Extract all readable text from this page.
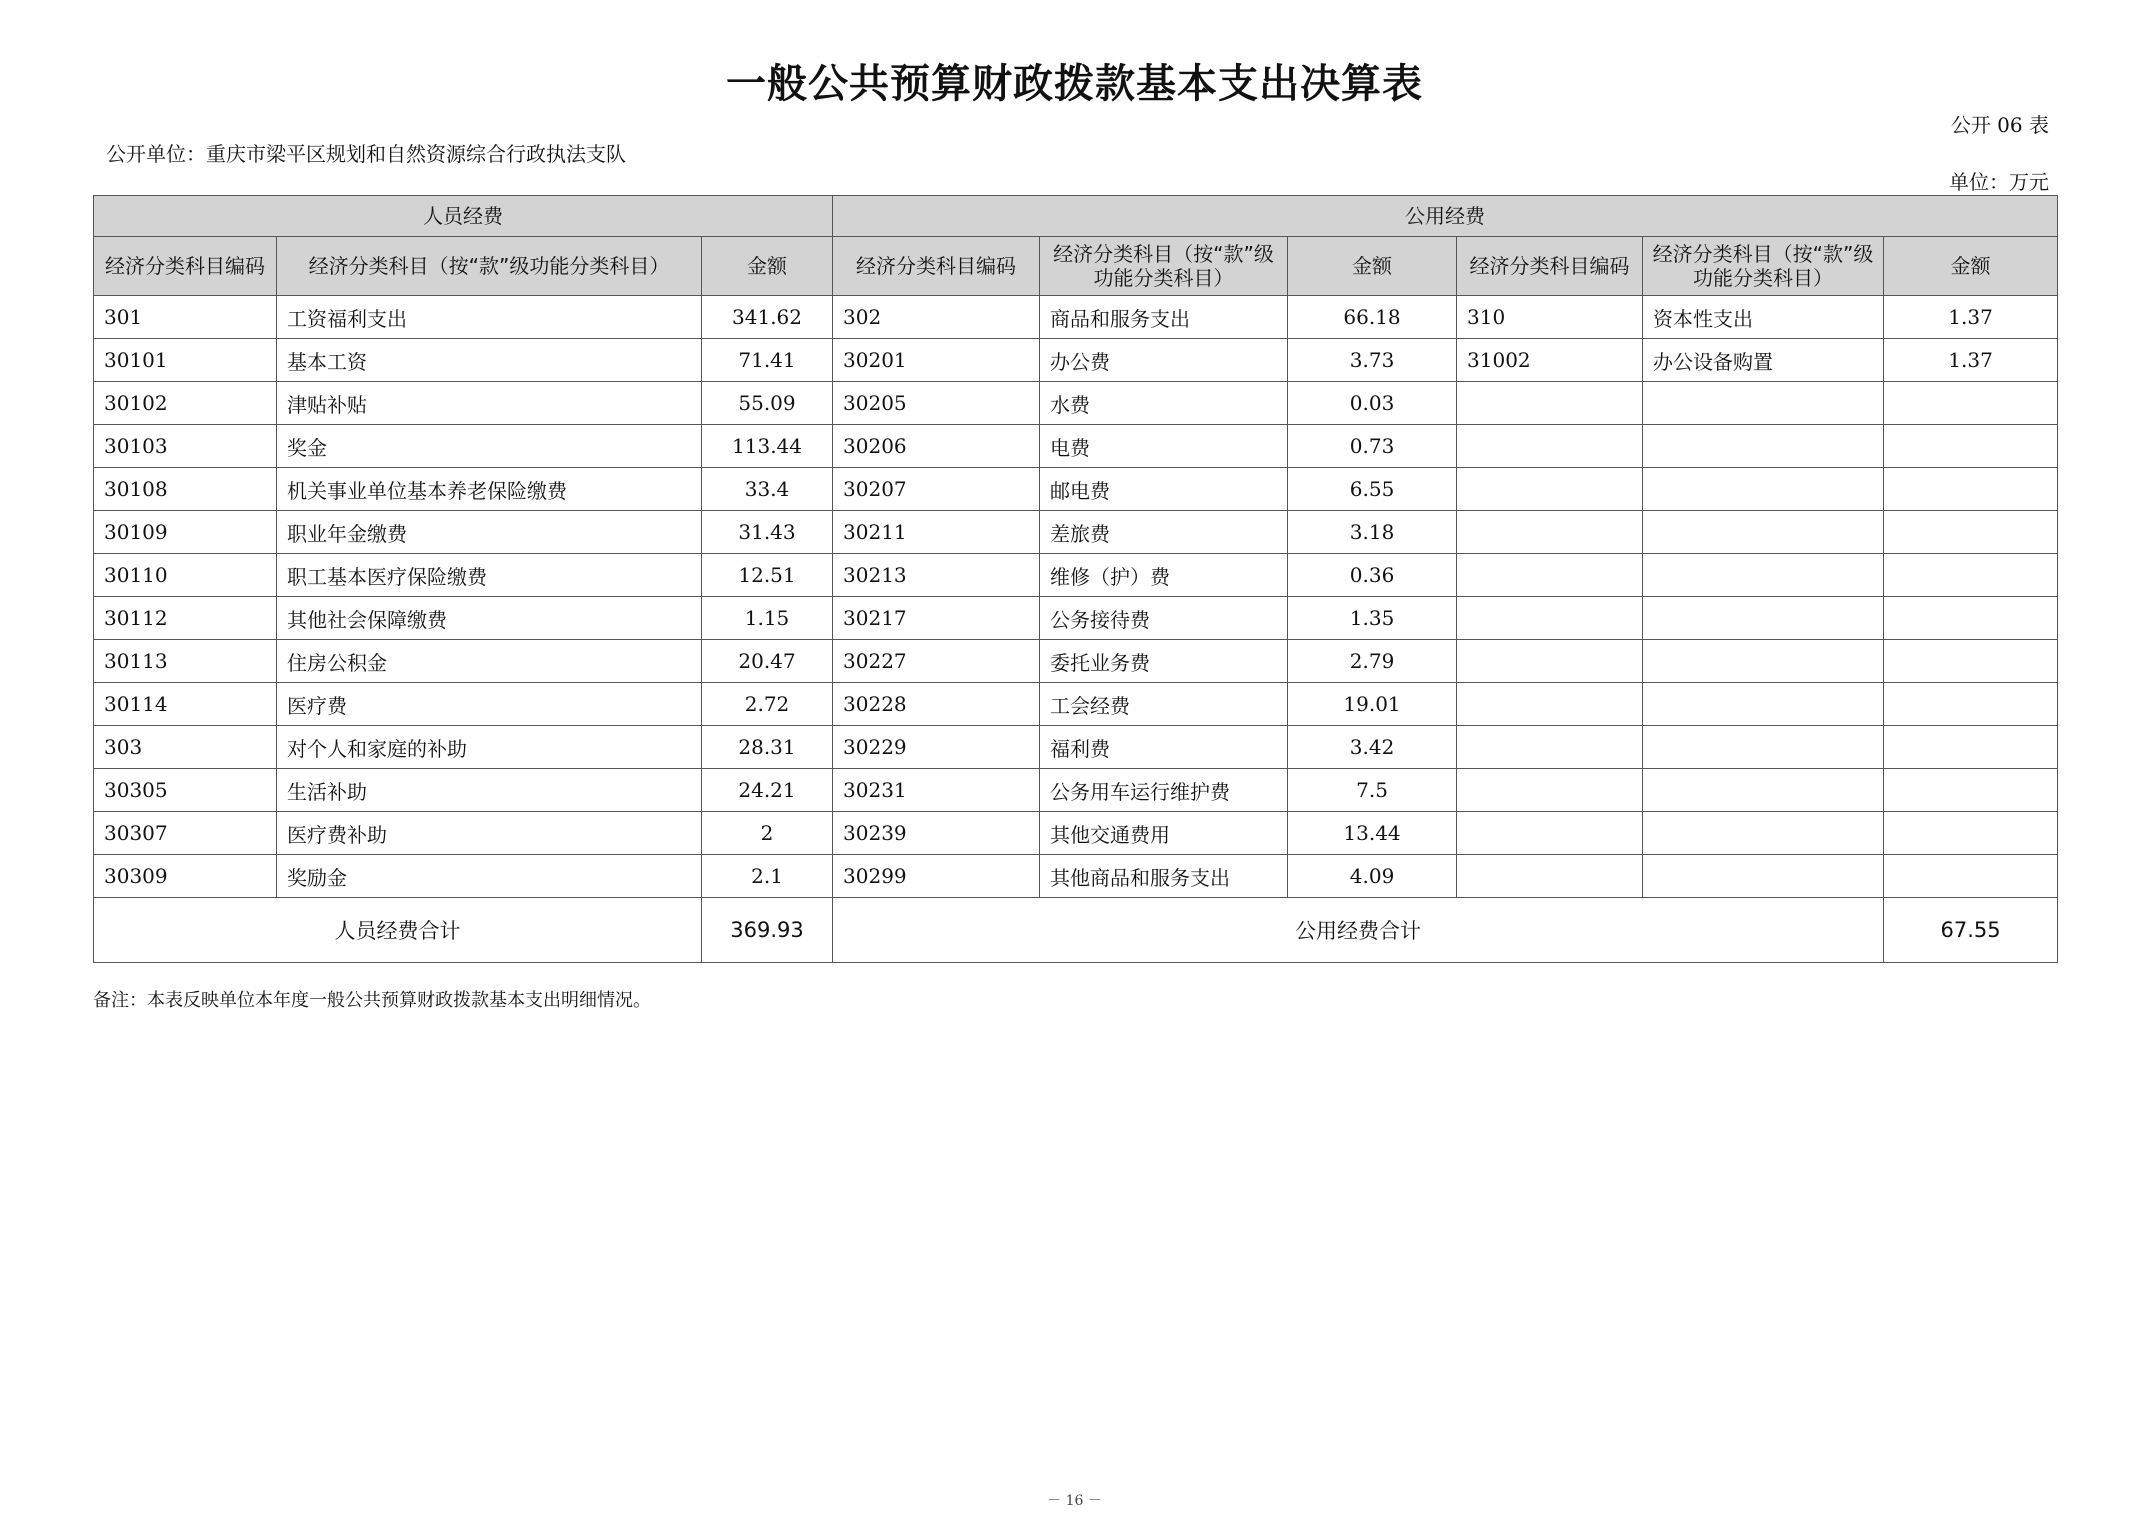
一般公共预算财政拨款基本支出决算表
公开 06 表
公开单位：重庆市梁平区规划和自然资源综合行政执法支队
单位：万元
人员经费			公用经费					
经济分类科目编码	经济分类科目（按“款”级功能分类科目）	金额	经济分类科目编码	经济分类科目（按“款”级功能分类科目）	金额	经济分类科目编码	经济分类科目（按“款”级功能分类科目）	金额
301	工资福利支出	341.62	302	商品和服务支出	66.18	310	资本性支出	1.37
30101	基本工资	71.41	30201	办公费	3.73	31002	办公设备购置	1.37
30102	津贴补贴	55.09	30205	水费	0.03			
30103	奖金	113.44	30206	电费	0.73			
30108	机关事业单位基本养老保险缴费	33.4	30207	邮电费	6.55			
30109	职业年金缴费	31.43	30211	差旅费	3.18			
30110	职工基本医疗保险缴费	12.51	30213	维修（护）费	0.36			
30112	其他社会保障缴费	1.15	30217	公务接待费	1.35			
30113	住房公积金	20.47	30227	委托业务费	2.79			
30114	医疗费	2.72	30228	工会经费	19.01			
303	对个人和家庭的补助	28.31	30229	福利费	3.42			
30305	生活补助	24.21	30231	公务用车运行维护费	7.5			
30307	医疗费补助	2	30239	其他交通费用	13.44			
30309	奖励金	2.1	30299	其他商品和服务支出	4.09			
人员经费合计		369.93	公用经费合计					67.55
备注：本表反映单位本年度一般公共预算财政拨款基本支出明细情况。
－ 16 －
